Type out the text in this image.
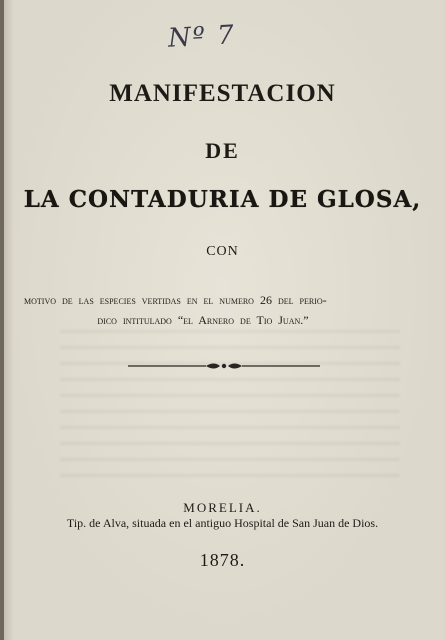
Nº 7
MANIFESTACION
DE
LA CONTADURIA DE GLOSA,
CON
motivo de las especies vertidas en el numero 26 del perio-
dico intitulado “el Arnero de Tio Juan.”
MORELIA.
Tip. de Alva, situada en el antiguo Hospital de San Juan de Dios.
1878.
